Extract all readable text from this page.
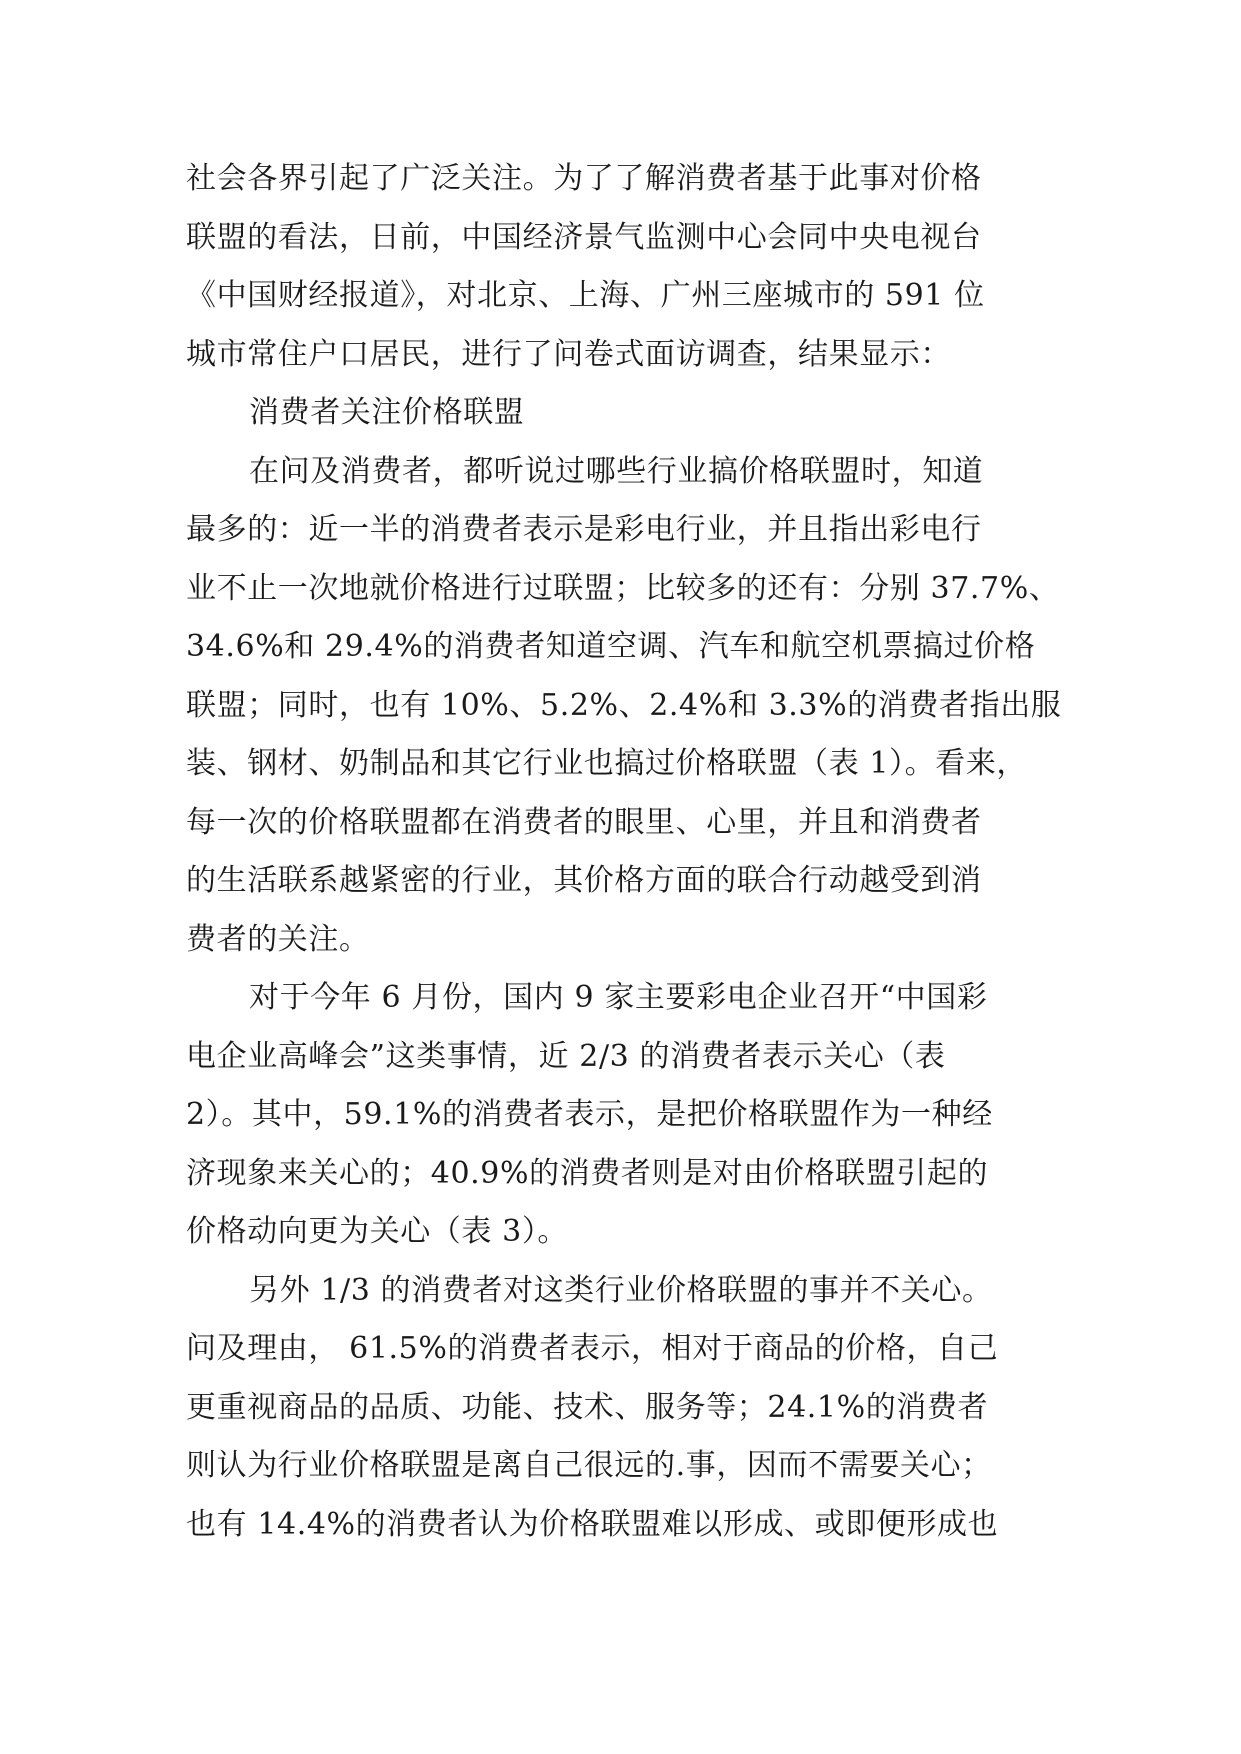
社会各界引起了广泛关注。为了了解消费者基于此事对价格
联盟的看法，日前，中国经济景气监测中心会同中央电视台
《中国财经报道》，对北京、上海、广州三座城市的 591 位
城市常住户口居民，进行了问卷式面访调查，结果显示：
消费者关注价格联盟
在问及消费者，都听说过哪些行业搞价格联盟时，知道
最多的：近一半的消费者表示是彩电行业，并且指出彩电行
业不止一次地就价格进行过联盟；比较多的还有：分别 37.7%、
34.6%和 29.4%的消费者知道空调、汽车和航空机票搞过价格
联盟；同时，也有 10%、5.2%、2.4%和 3.3%的消费者指出服
装、钢材、奶制品和其它行业也搞过价格联盟（表 1）。看来，
每一次的价格联盟都在消费者的眼里、心里，并且和消费者
的生活联系越紧密的行业，其价格方面的联合行动越受到消
费者的关注。
对于今年 6 月份，国内 9 家主要彩电企业召开“中国彩
电企业高峰会”这类事情，近 2/3 的消费者表示关心（表
2）。其中，59.1%的消费者表示，是把价格联盟作为一种经
济现象来关心的；40.9%的消费者则是对由价格联盟引起的
价格动向更为关心（表 3）。
另外 1/3 的消费者对这类行业价格联盟的事并不关心。
问及理由， 61.5%的消费者表示，相对于商品的价格，自己
更重视商品的品质、功能、技术、服务等；24.1%的消费者
则认为行业价格联盟是离自己很远的.事，因而不需要关心；
也有 14.4%的消费者认为价格联盟难以形成、或即便形成也
